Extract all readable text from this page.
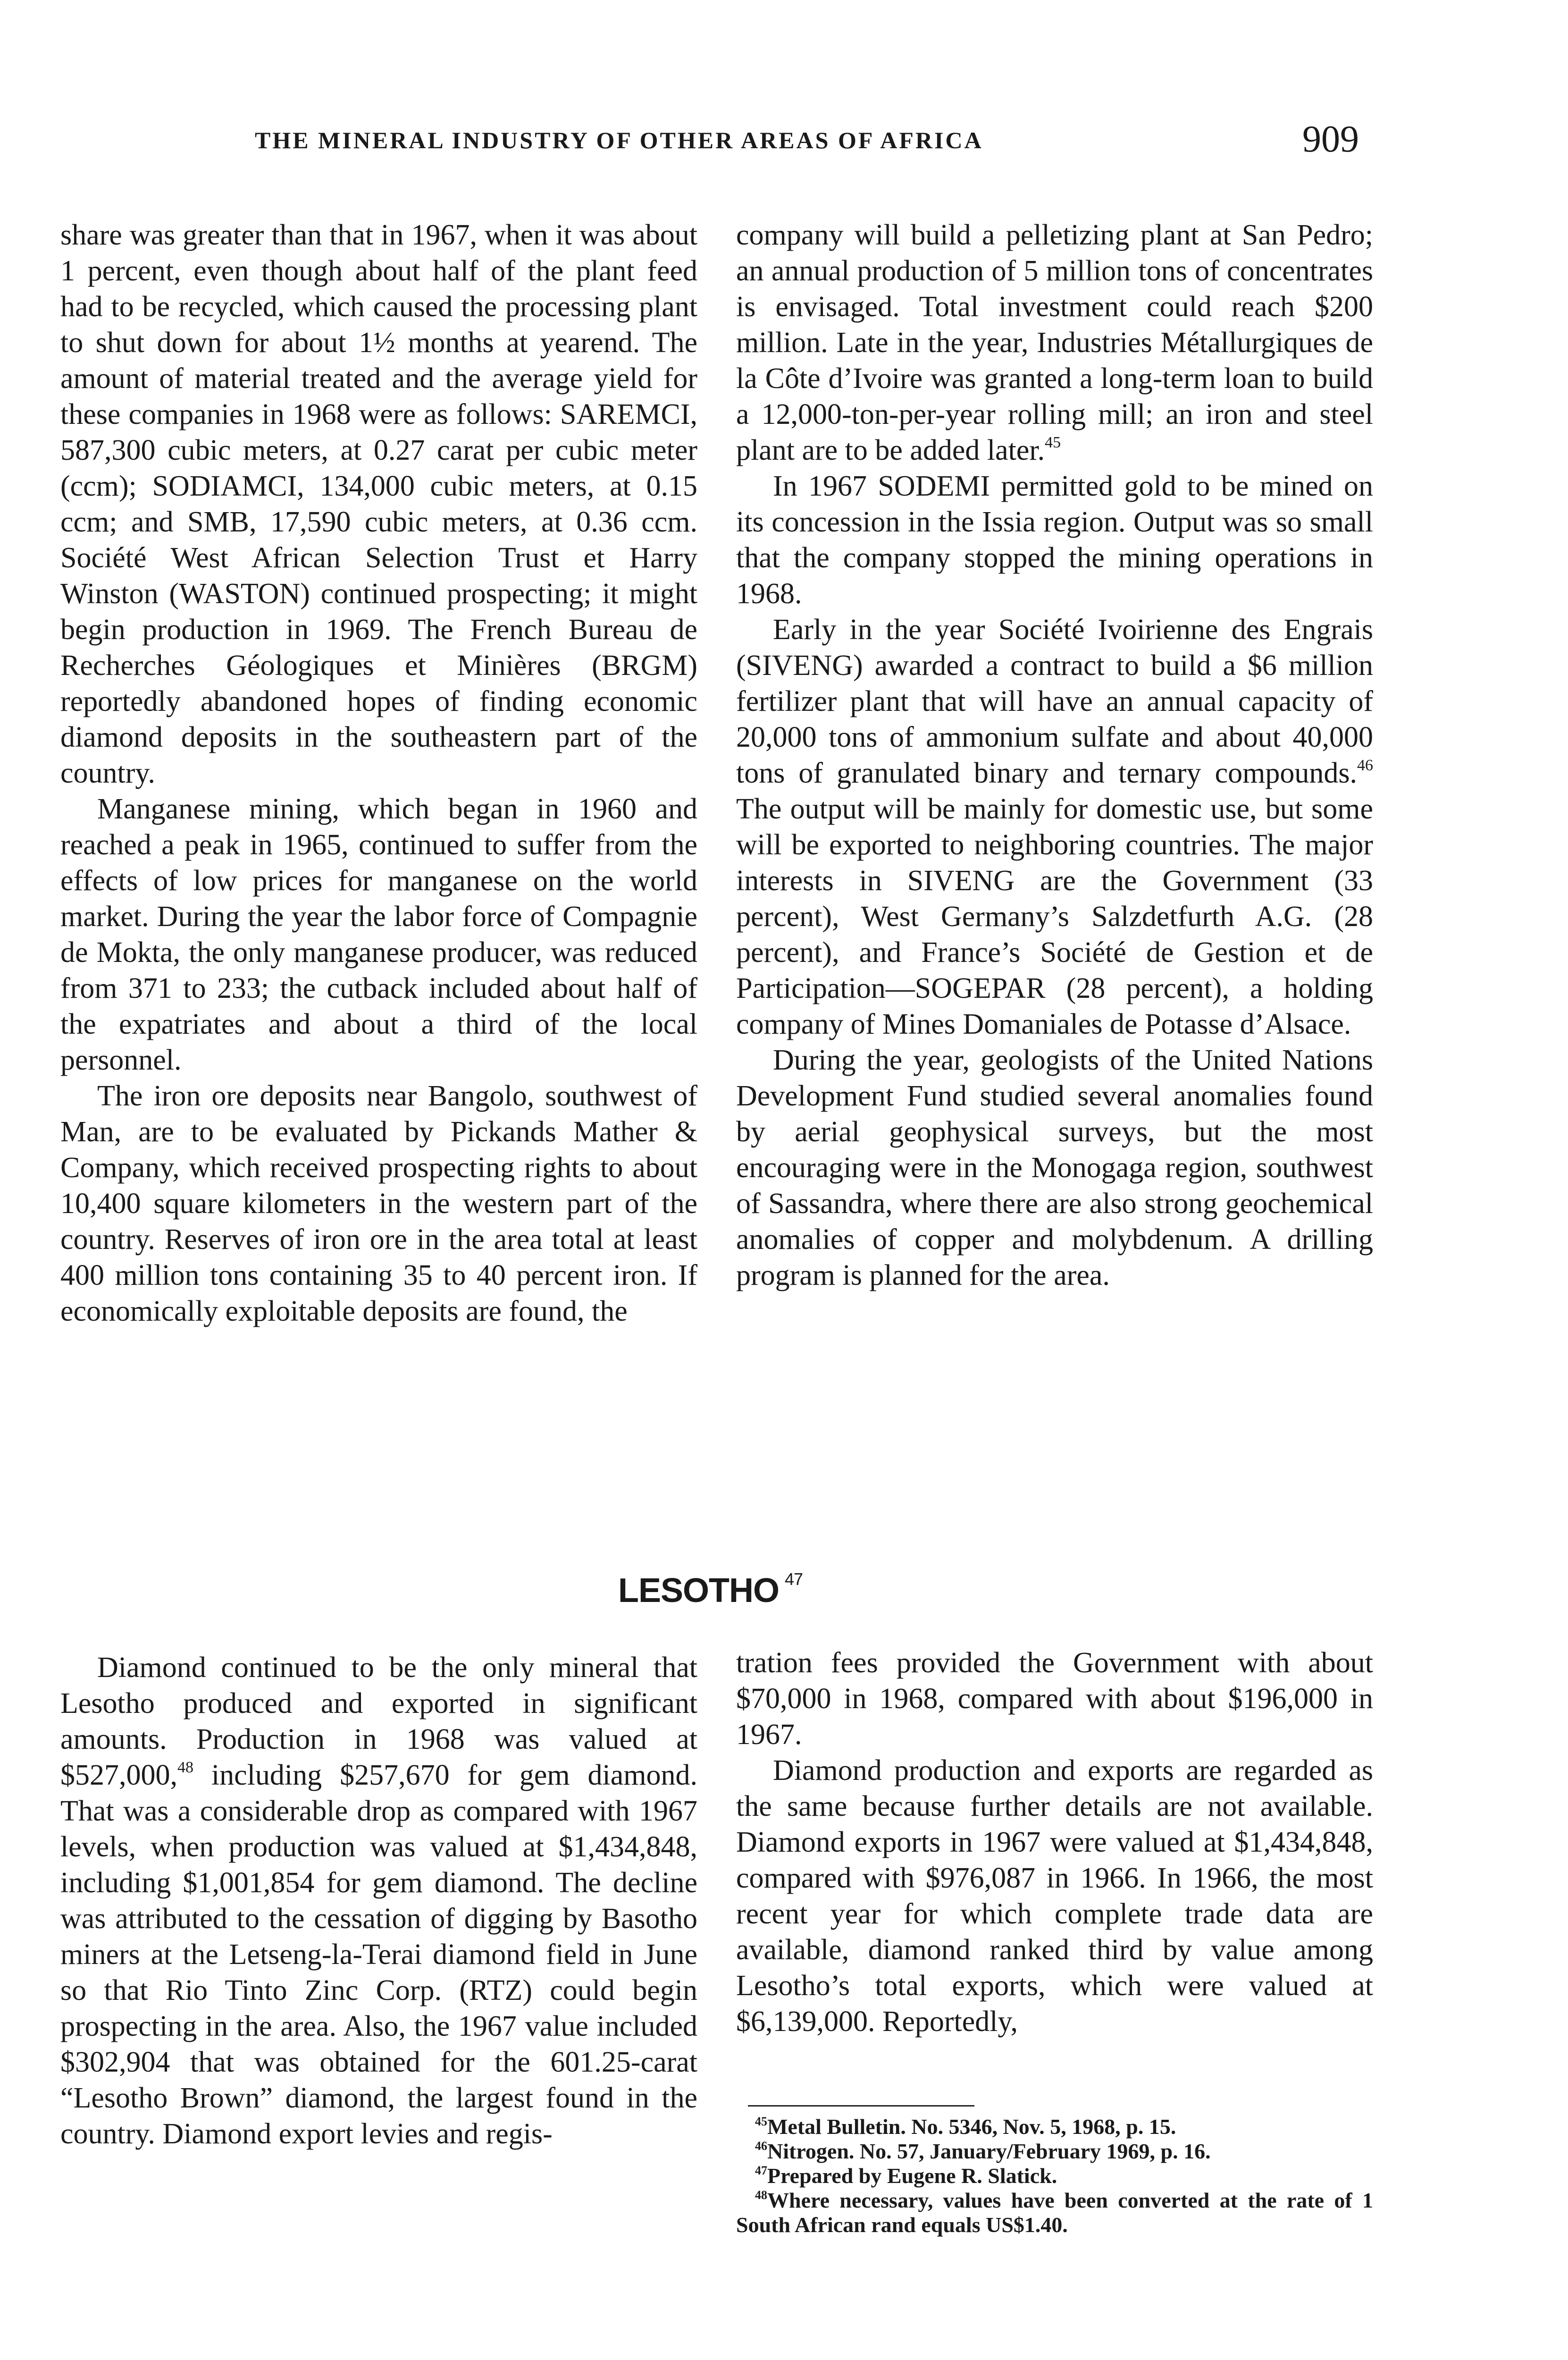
THE MINERAL INDUSTRY OF OTHER AREAS OF AFRICA	909

share was greater than that in 1967, when it was about 1 percent, even though about half of the plant feed had to be recycled, which caused the processing plant to shut down for about 1½ months at yearend. The amount of material treated and the average yield for these companies in 1968 were as follows: SAREMCI, 587,300 cubic meters, at 0.27 carat per cubic meter (ccm); SODIAMCI, 134,000 cubic meters, at 0.15 ccm; and SMB, 17,590 cubic meters, at 0.36 ccm. Société West African Selection Trust et Harry Winston (WASTON) continued prospecting; it might begin production in 1969. The French Bureau de Recherches Géologiques et Minières (BRGM) reportedly abandoned hopes of finding economic diamond deposits in the southeastern part of the country.

Manganese mining, which began in 1960 and reached a peak in 1965, continued to suffer from the effects of low prices for manganese on the world market. During the year the labor force of Compagnie de Mokta, the only manganese producer, was reduced from 371 to 233; the cutback included about half of the expatriates and about a third of the local personnel.

The iron ore deposits near Bangolo, southwest of Man, are to be evaluated by Pickands Mather & Company, which received prospecting rights to about 10,400 square kilometers in the western part of the country. Reserves of iron ore in the area total at least 400 million tons containing 35 to 40 percent iron. If economically exploitable deposits are found, the

company will build a pelletizing plant at San Pedro; an annual production of 5 million tons of concentrates is envisaged. Total investment could reach $200 million. Late in the year, Industries Métallurgiques de la Côte d’Ivoire was granted a long-term loan to build a 12,000-ton-per-year rolling mill; an iron and steel plant are to be added later.$^{45}$

In 1967 SODEMI permitted gold to be mined on its concession in the Issia region. Output was so small that the company stopped the mining operations in 1968.

Early in the year Société Ivoirienne des Engrais (SIVENG) awarded a contract to build a $6 million fertilizer plant that will have an annual capacity of 20,000 tons of ammonium sulfate and about 40,000 tons of granulated binary and ternary compounds.$^{46}$ The output will be mainly for domestic use, but some will be exported to neighboring countries. The major interests in SIVENG are the Government (33 percent), West Germany’s Salzdetfurth A.G. (28 percent), and France’s Société de Gestion et de Participation—SOGEPAR (28 percent), a holding company of Mines Domaniales de Potasse d’Alsace.

During the year, geologists of the United Nations Development Fund studied several anomalies found by aerial geophysical surveys, but the most encouraging were in the Monogaga region, southwest of Sassandra, where there are also strong geochemical anomalies of copper and molybdenum. A drilling program is planned for the area.

LESOTHO $^{47}$

Diamond continued to be the only mineral that Lesotho produced and exported in significant amounts. Production in 1968 was valued at $527,000,48 including $257,670 for gem diamond. That was a considerable drop as compared with 1967 levels, when production was valued at $1,434,848, including $1,001,854 for gem diamond. The decline was attributed to the cessation of digging by Basotho miners at the Letseng-la-Terai diamond field in June so that Rio Tinto Zinc Corp. (RTZ) could begin prospecting in the area. Also, the 1967 value included $302,904 that was obtained for the 601.25-carat “Lesotho Brown” diamond, the largest found in the country. Diamond export levies and regis-

tration fees provided the Government with about $70,000 in 1968, compared with about $196,000 in 1967.

Diamond production and exports are regarded as the same because further details are not available. Diamond exports in 1967 were valued at $1,434,848, compared with $976,087 in 1966. In 1966, the most recent year for which complete trade data are available, diamond ranked third by value among Lesotho’s total exports, which were valued at $6,139,000. Reportedly,

$^{45}$Metal Bulletin. No. 5346, Nov. 5, 1968, p. 15.

$^{46}$Nitrogen. No. 57, January/February 1969, p. 16.

$^{47}$Prepared by Eugene R. Slatick.

$^{48}$Where necessary, values have been converted at the rate of 1 South African rand equals US$1.40.
